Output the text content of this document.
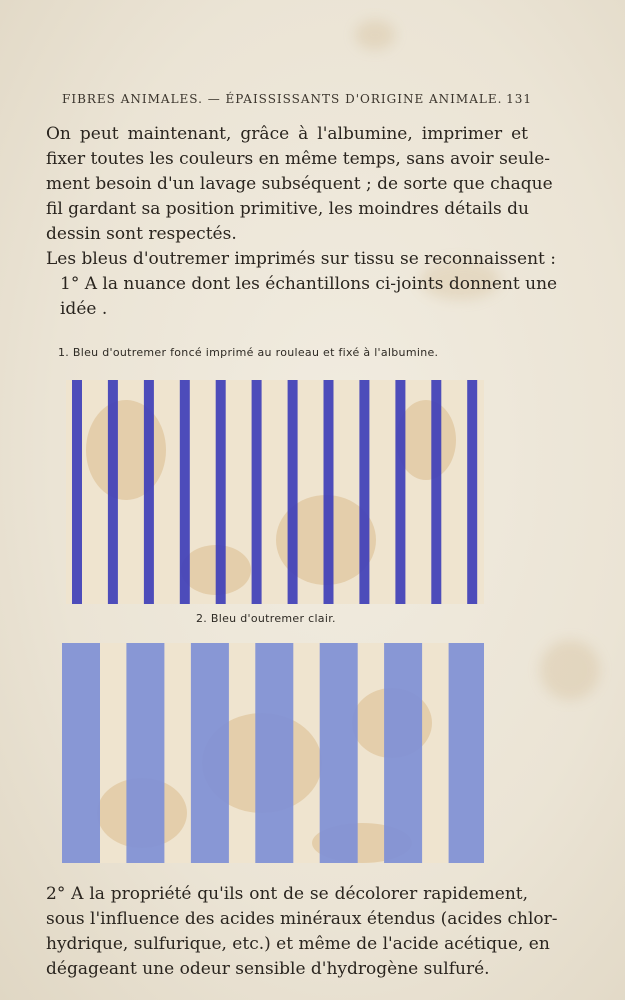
FIBRES ANIMALES. — ÉPAISSISSANTS D'ORIGINE ANIMALE. 131
On peut maintenant, grâce à l'albumine, imprimer et
fixer toutes les couleurs en même temps, sans avoir seule-
ment besoin d'un lavage subséquent ; de sorte que chaque
fil gardant sa position primitive, les moindres détails du
dessin sont respectés.
Les bleus d'outremer imprimés sur tissu se reconnaissent :
1° A la nuance dont les échantillons ci-joints donnent une
idée .
1. Bleu d'outremer foncé imprimé au rouleau et fixé à l'albumine.
2. Bleu d'outremer clair.
2° A la propriété qu'ils ont de se décolorer rapidement,
sous l'influence des acides minéraux étendus (acides chlor-
hydrique, sulfurique, etc.) et même de l'acide acétique, en
dégageant une odeur sensible d'hydrogène sulfuré.
